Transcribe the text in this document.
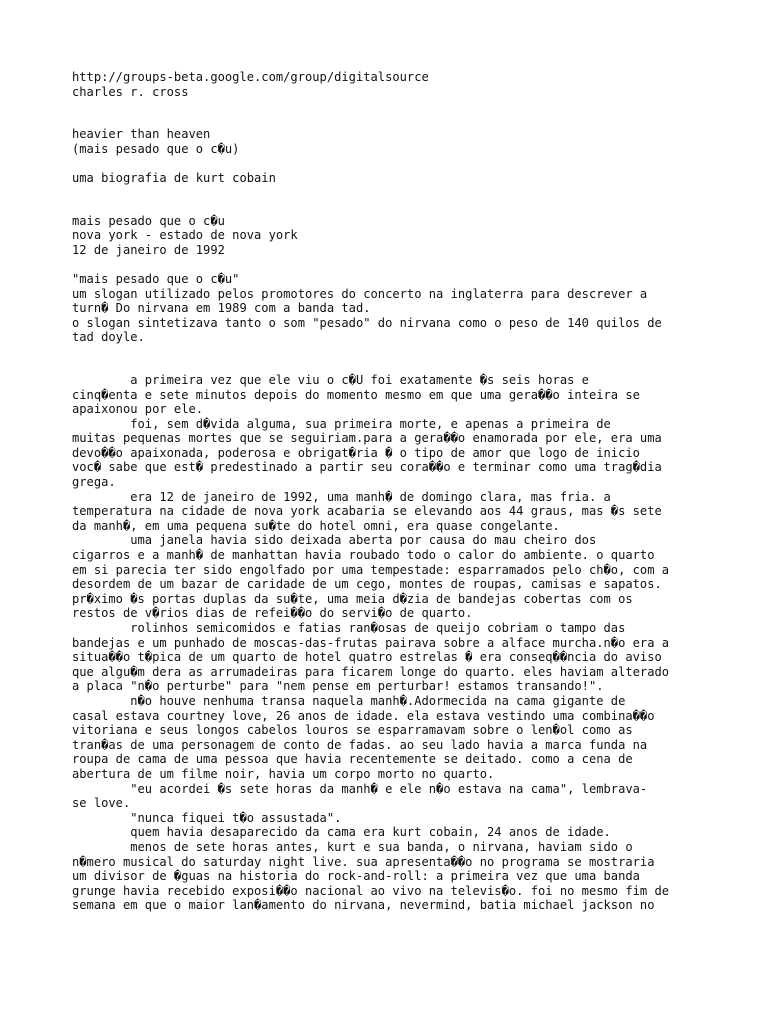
http://groups-beta.google.com/group/digitalsource
charles r. cross
heavier than heaven
(mais pesado que o c�u)
uma biografia de kurt cobain
mais pesado que o c�u
nova york - estado de nova york
12 de janeiro de 1992
"mais pesado que o c�u"
um slogan utilizado pelos promotores do concerto na inglaterra para descrever a
turn� Do nirvana em 1989 com a banda tad.
o slogan sintetizava tanto o som "pesado" do nirvana como o peso de 140 quilos de
tad doyle.
a primeira vez que ele viu o c�U foi exatamente �s seis horas e
cinq�enta e sete minutos depois do momento mesmo em que uma gera��o inteira se
apaixonou por ele.
foi, sem d�vida alguma, sua primeira morte, e apenas a primeira de
muitas pequenas mortes que se seguiriam.para a gera��o enamorada por ele, era uma
devo��o apaixonada, poderosa e obrigat�ria � o tipo de amor que logo de inicio
voc� sabe que est� predestinado a partir seu cora��o e terminar como uma trag�dia
grega.
era 12 de janeiro de 1992, uma manh� de domingo clara, mas fria. a
temperatura na cidade de nova york acabaria se elevando aos 44 graus, mas �s sete
da manh�, em uma pequena su�te do hotel omni, era quase congelante.
uma janela havia sido deixada aberta por causa do mau cheiro dos
cigarros e a manh� de manhattan havia roubado todo o calor do ambiente. o quarto
em si parecia ter sido engolfado por uma tempestade: esparramados pelo ch�o, com a
desordem de um bazar de caridade de um cego, montes de roupas, camisas e sapatos.
pr�ximo �s portas duplas da su�te, uma meia d�zia de bandejas cobertas com os
restos de v�rios dias de refei��o do servi�o de quarto.
rolinhos semicomidos e fatias ran�osas de queijo cobriam o tampo das
bandejas e um punhado de moscas-das-frutas pairava sobre a alface murcha.n�o era a
situa��o t�pica de um quarto de hotel quatro estrelas � era conseq��ncia do aviso
que algu�m dera as arrumadeiras para ficarem longe do quarto. eles haviam alterado
a placa "n�o perturbe" para "nem pense em perturbar! estamos transando!".
n�o houve nenhuma transa naquela manh�.Adormecida na cama gigante de
casal estava courtney love, 26 anos de idade. ela estava vestindo uma combina��o
vitoriana e seus longos cabelos louros se esparramavam sobre o len�ol como as
tran�as de uma personagem de conto de fadas. ao seu lado havia a marca funda na
roupa de cama de uma pessoa que havia recentemente se deitado. como a cena de
abertura de um filme noir, havia um corpo morto no quarto.
"eu acordei �s sete horas da manh� e ele n�o estava na cama", lembrava-
se love.
"nunca fiquei t�o assustada".
quem havia desaparecido da cama era kurt cobain, 24 anos de idade.
menos de sete horas antes, kurt e sua banda, o nirvana, haviam sido o
n�mero musical do saturday night live. sua apresenta��o no programa se mostraria
um divisor de �guas na historia do rock-and-roll: a primeira vez que uma banda
grunge havia recebido exposi��o nacional ao vivo na televis�o. foi no mesmo fim de
semana em que o maior lan�amento do nirvana, nevermind, batia michael jackson no
